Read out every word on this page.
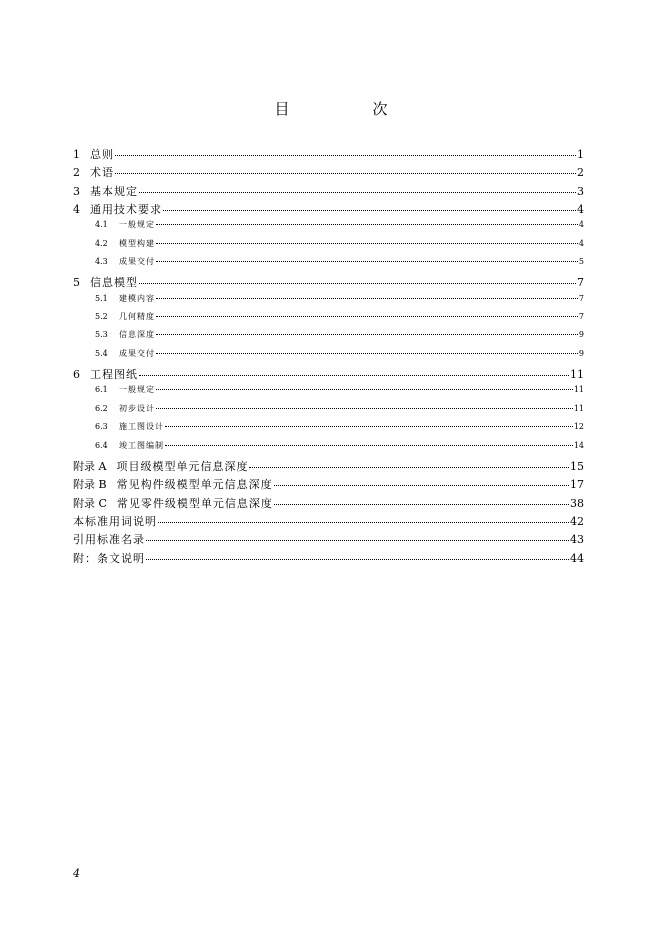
目　次
1 总则	1
2 术语	2
3 基本规定	3
4 通用技术要求	4
4.1	一般规定	4
4.2	模型构建	4
4.3	成果交付	5
5 信息模型	7
5.1	建模内容	7
5.2	几何精度	7
5.3	信息深度	9
5.4	成果交付	9
6 工程图纸	11
6.1	一般规定	11
6.2	初步设计	11
6.3	施工图设计	12
6.4	竣工图编制	14
附录 A 项目级模型单元信息深度	15
附录 B 常见构件级模型单元信息深度	17
附录 C 常见零件级模型单元信息深度	38
本标准用词说明	42
引用标准名录	43
附：条文说明	44
4
